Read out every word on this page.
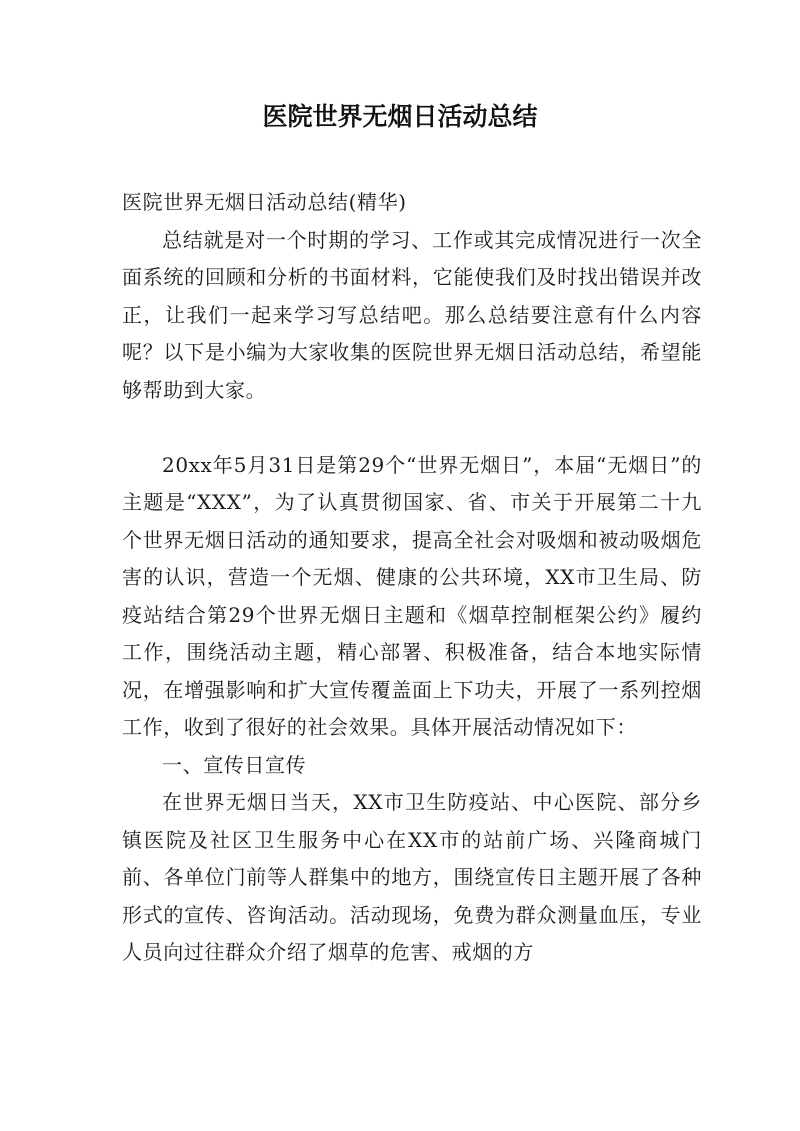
医院世界无烟日活动总结

医院世界无烟日活动总结(精华)

总结就是对一个时期的学习、工作或其完成情况进行一次全面系统的回顾和分析的书面材料，它能使我们及时找出错误并改正，让我们一起来学习写总结吧。那么总结要注意有什么内容呢？以下是小编为大家收集的医院世界无烟日活动总结，希望能够帮助到大家。

20xx年5月31日是第29个“世界无烟日”，本届“无烟日”的主题是“XXX”，为了认真贯彻国家、省、市关于开展第二十九个世界无烟日活动的通知要求，提高全社会对吸烟和被动吸烟危害的认识，营造一个无烟、健康的公共环境，XX市卫生局、防疫站结合第29个世界无烟日主题和《烟草控制框架公约》履约工作，围绕活动主题，精心部署、积极准备，结合本地实际情况，在增强影响和扩大宣传覆盖面上下功夫，开展了一系列控烟工作，收到了很好的社会效果。具体开展活动情况如下：

一、宣传日宣传

在世界无烟日当天，XX市卫生防疫站、中心医院、部分乡镇医院及社区卫生服务中心在XX市的站前广场、兴隆商城门前、各单位门前等人群集中的地方，围绕宣传日主题开展了各种形式的宣传、咨询活动。活动现场，免费为群众测量血压，专业人员向过往群众介绍了烟草的危害、戒烟的方
